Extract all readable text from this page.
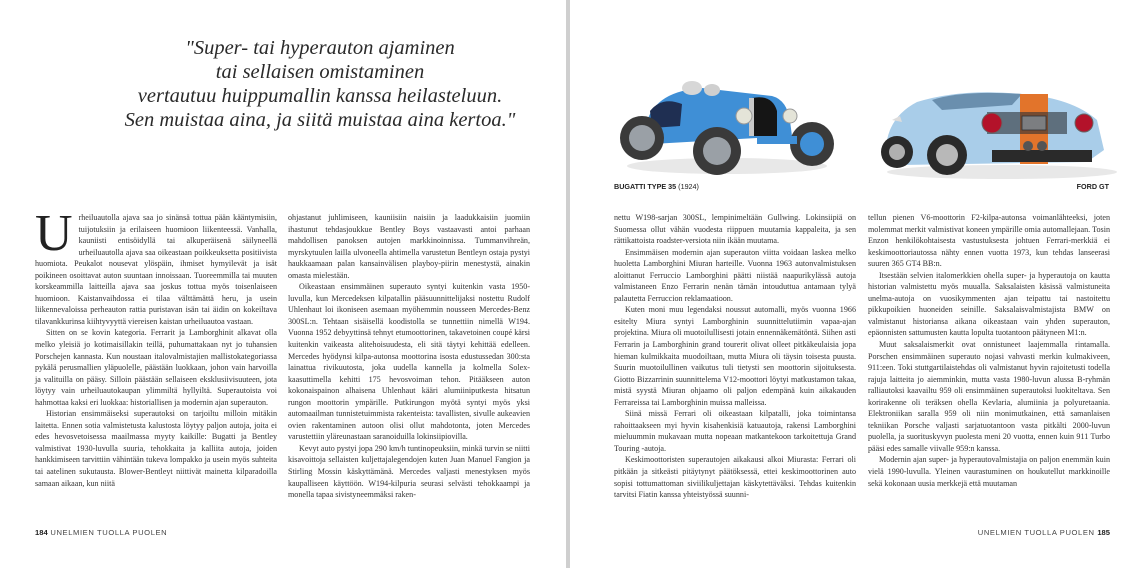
"Super- tai hyperauton ajaminen
tai sellaisen omistaminen
vertautuu huippumallin kanssa heilasteluun.
Sen muistaa aina, ja siitä muistaa aina kertoa."

Urheiluautolla ajava saa jo sinänsä tottua pään kääntymisiin, tuijotuksiin ja erilaiseen huomioon liikenteessä. Vanhalla, kauniisti entisöidyllä tai alkuperäisenä säilyneellä urheiluautolla ajava saa oikeastaan poikkeuksetta positiivista huomiota. Peukalot nousevat ylöspäin, ihmiset hymyilevät ja isät poikineen osoittavat auton suuntaan innoissaan. Tuoreemmilla tai muuten korskeammilla laitteilla ajava saa joskus tottua myös toisenlaiseen huomioon. Kaistanvaihdossa ei tilaa välttämättä heru, ja usein liikennevaloissa perheauton rattia puristavan isän tai äidin on kokeiltava tilavankkurinsa kiihtyvyyttä viereisen kaistan urheiluautoa vastaan.

Sitten on se kovin kategoria. Ferrarit ja Lamborghinit alkavat olla melko yleisiä jo kotimaisillakin teillä, puhumattakaan nyt jo tuhansien Porschejen kannasta. Kun noustaan italovalmistajien mallistokategoriassa pykälä perusmallien yläpuolelle, päästään luokkaan, johon vain harvoilla ja valituilla on pääsy. Silloin päästään sellaiseen eksklusiivisuuteen, jota löytyy vain urheiluautokaupan ylimmiltä hyllyiltä. Superautoista voi hahmottaa kaksi eri luokkaa: historiallisen ja modernin ajan superauton.

Historian ensimmäiseksi superautoksi on tarjoiltu milloin mitäkin laitetta. Ennen sotia valmistetusta kalustosta löytyy paljon autoja, joita ei edes hevosvetoisessa maailmassa myyty kaikille: Bugatti ja Bentley valmistivat 1930-luvulla suuria, tehokkaita ja kalliita autoja, joiden hankkimiseen tarvittiin vähintään tukeva lompakko ja usein myös suhteita tai aatelinen sukutausta. Blower-Bentleyt niittivät mainetta kilparadoilla samaan aikaan, kun niitä

ohjastanut juhlimiseen, kauniisiin naisiin ja laadukkaisiin juomiin ihastunut tehdasjoukkue Bentley Boys vastaavasti antoi parhaan mahdollisen panoksen autojen markkinoinnissa. Tummanvihreän, myrskytuulen lailla ulvoneella ahtimella varustetun Bentleyn ostaja pystyi haukkaamaan palan kansainvälisen playboy-piirin menestystä, ainakin omasta mielestään.

Oikeastaan ensimmäinen superauto syntyi kuitenkin vasta 1950-luvulla, kun Mercedeksen kilpatallin pääsuunnittelijaksi nostettu Rudolf Uhlenhaut loi ikoniseen asemaan myöhemmin nousseen Mercedes-Benz 300SL:n. Tehtaan sisäisellä koodistolla se tunnettiin nimellä W194. Vuonna 1952 debyyttinsä tehnyt etumoottorinen, takavetoinen coupé kärsi kuitenkin vaikeasta alitehoisuudesta, eli sitä täytyi kehittää edelleen. Mercedes hyödynsi kilpa-autonsa moottorina isosta edustussedan 300:sta lainattua rivikuutosta, joka uudella kannella ja kolmella Solex-kaasuttimella kehitti 175 hevosvoiman tehon. Pitääkseen auton kokonaispainon alhaisena Uhlenhaut kääri alumiiniputkesta hitsatun rungon moottorin ympärille. Putkirungon myötä syntyi myös yksi automaailman tunnistetuimmista rakenteista: tavallisten, sivulle aukeavien ovien rakentaminen autoon olisi ollut mahdotonta, joten Mercedes varustettiin yläreunastaan saranoiduilla lokinsiipiovilla.

Kevyt auto pystyi jopa 290 km/h tuntinopeuksiin, minkä turvin se niitti kisavoittoja sellaisten kuljettajalegendojen kuten Juan Manuel Fangion ja Stirling Mossin käskyttämänä. Mercedes valjasti menestyksen myös kaupalliseen käyttöön. W194-kilpuria seurasi selvästi tehokkaampi ja monella tapaa sivistyneemmäksi raken-

184 UNELMIEN TUOLLA PUOLEN
BUGATTI TYPE 35 (1924)	FORD GT

nettu W198-sarjan 300SL, lempinimeltään Gullwing. Lokinsiipiä on Suomessa ollut vähän vuodesta riippuen muutamia kappaleita, ja sen rättikattoista roadster-versiota niin ikään muutama.

Ensimmäisen modernin ajan superauton viitta voidaan laskea melko huoletta Lamborghini Miuran harteille. Vuonna 1963 autonvalmistuksen aloittanut Ferruccio Lamborghini päätti niistää naapurikylässä autoja valmistaneen Enzo Ferrarin nenän tämän intouduttua antamaan tylyä palautetta Ferruccion reklamaatioon.

Kuten moni muu legendaksi noussut automalli, myös vuonna 1966 esitelty Miura syntyi Lamborghinin suunnittelutiimin vapaa-ajan projektina. Miura oli muotoilullisesti jotain ennennäkemätöntä. Siihen asti Ferrarin ja Lamborghinin grand tourerit olivat olleet pitkäkeulaisia jopa hieman kulmikkaita muodoiltaan, mutta Miura oli täysin toisesta puusta. Suurin muotoilullinen vaikutus tuli tietysti sen moottorin sijoituksesta. Giotto Bizzarrinin suunnittelema V12-moottori löytyi matkustamon takaa, mistä syystä Miuran ohjaamo oli paljon edempänä kuin aikakauden Ferrareissa tai Lamborghinin muissa malleissa.

Siinä missä Ferrari oli oikeastaan kilpatalli, joka toimintansa rahoittaakseen myi hyvin kisahenkisiä katuautoja, rakensi Lamborghini mieluummin mukavaan mutta nopeaan matkantekoon tarkoitettuja Grand Touring -autoja.

Keskimoottoristen superautojen aikakausi alkoi Miurasta: Ferrari oli pitkään ja sitkeästi pitäytynyt päätöksessä, ettei keskimoottorinen auto sopisi tottumattoman siviilikuljettajan käskytettäväksi. Tehdas kuitenkin tarvitsi Fiatin kanssa yhteistyössä suunni-

tellun pienen V6-moottorin F2-kilpa-autonsa voimanlähteeksi, joten molemmat merkit valmistivat koneen ympärille omia automallejaan. Tosin Enzon henkilökohtaisesta vastustuksesta johtuen Ferrari-merkkiä ei keskimoottoriautossa nähty ennen vuotta 1973, kun tehdas lanseerasi suuren 365 GT4 BB:n.

Itsestään selvien italomerkkien ohella super- ja hyperautoja on kautta historian valmistettu myös muualla. Saksalaisten käsissä valmistuneita unelma-autoja on vuosikymmenten ajan teipattu tai nastoitettu pikkupoikien huoneiden seinille. Saksalaisvalmistajista BMW on valmistanut historiansa aikana oikeastaan vain yhden superauton, epäonnisten sattumusten kautta lopulta tuotantoon päätyneen M1:n.

Muut saksalaismerkit ovat onnistuneet laajemmalla rintamalla. Porschen ensimmäinen superauto nojasi vahvasti merkin kulmakiveen, 911:een. Toki stuttgartilaistehdas oli valmistanut hyvin rajoitetusti todella rajuja laitteita jo aiemminkin, mutta vasta 1980-luvun alussa B-ryhmän ralliautoksi kaavailtu 959 oli ensimmäinen superautoksi luokiteltava. Sen korirakenne oli teräksen ohella Kevlaria, alumiinia ja polyuretaania. Elektroniikan saralla 959 oli niin monimutkainen, että samanlaisen tekniikan Porsche valjasti sarjatuotantoon vasta pitkälti 2000-luvun puolella, ja suorituskyvyn puolesta meni 20 vuotta, ennen kuin 911 Turbo pääsi edes samalle viivalle 959:n kanssa.

Modernin ajan super- ja hyperautovalmistajia on paljon enemmän kuin vielä 1990-luvulla. Yleinen vaurastuminen on houkutellut markkinoille sekä kokonaan uusia merkkejä että muutaman

UNELMIEN TUOLLA PUOLEN 185
